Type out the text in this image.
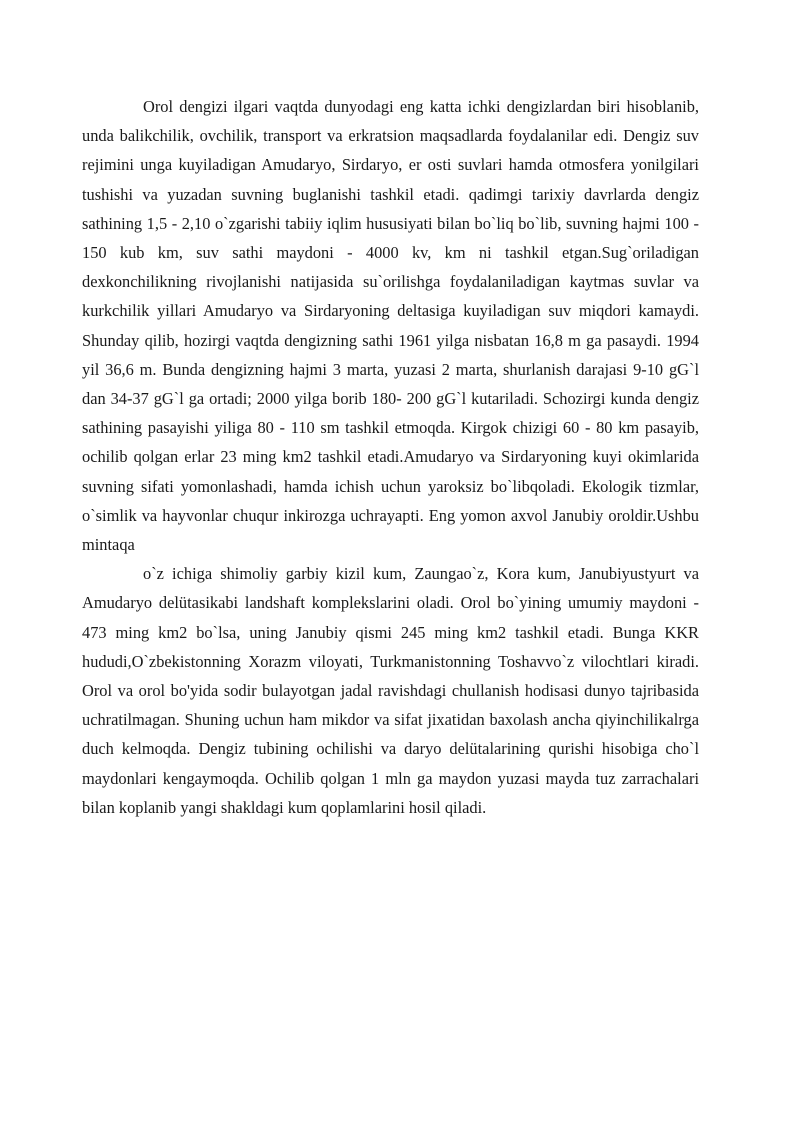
Orol dengizi ilgari vaqtda dunyodagi eng katta ichki dengizlardan biri hisoblanib, unda balikchilik, ovchilik, transport va erkratsion maqsadlarda foydalanilar edi. Dengiz suv rejimini unga kuyiladigan Amudaryo, Sirdaryo, er osti suvlari hamda otmosfera yonilgilari tushishi va yuzadan suvning buglanishi tashkil etadi. qadimgi tarixiy davrlarda dengiz sathining 1,5 - 2,10 o`zgarishi tabiiy iqlim hususiyati bilan bo`liq bo`lib, suvning hajmi 100 - 150 kub km, suv sathi maydoni - 4000 kv, km ni tashkil etgan.Sug`oriladigan dexkonchilikning rivojlanishi natijasida su`orilishga foydalaniladigan kaytmas suvlar va kurkchilik yillari Amudaryo va Sirdaryoning deltasiga kuyiladigan suv miqdori kamaydi. Shunday qilib, hozirgi vaqtda dengizning sathi 1961 yilga nisbatan 16,8 m ga pasaydi. 1994 yil 36,6 m. Bunda dengizning hajmi 3 marta, yuzasi 2 marta, shurlanish darajasi 9-10 gG`l dan 34-37 gG`l ga ortadi; 2000 yilga borib 180- 200 gG`l kutariladi. Schozirgi kunda dengiz sathining pasayishi yiliga 80 - 110 sm tashkil etmoqda. Kirgok chizigi 60 - 80 km pasayib, ochilib qolgan erlar 23 ming km2 tashkil etadi.Amudaryo va Sirdaryoning kuyi okimlarida suvning sifati yomonlashadi, hamda ichish uchun yaroksiz bo`libqoladi. Ekologik tizmlar, o`simlik va hayvonlar chuqur inkirozga uchrayapti. Eng yomon axvol Janubiy oroldir.Ushbu mintaqa

o`z ichiga shimoliy garbiy kizil kum, Zaungao`z, Kora kum, Janubiyustyurt va Amudaryo delütasikabi landshaft komplekslarini oladi. Orol bo`yining umumiy maydoni - 473 ming km2 bo`lsa, uning Janubiy qismi 245 ming km2 tashkil etadi. Bunga KKR hududi,O`zbekistonning Xorazm viloyati, Turkmanistonning Toshavvo`z vilochtlari kiradi. Orol va orol bo'yida sodir bulayotgan jadal ravishdagi chullanish hodisasi dunyo tajribasida uchratilmagan. Shuning uchun ham mikdor va sifat jixatidan baxolash ancha qiyinchilikalrga duch kelmoqda. Dengiz tubining ochilishi va daryo delütalarining qurishi hisobiga cho`l maydonlari kengaymoqda. Ochilib qolgan 1 mln ga maydon yuzasi mayda tuz zarrachalari bilan koplanib yangi shakldagi kum qoplamlarini hosil qiladi.
